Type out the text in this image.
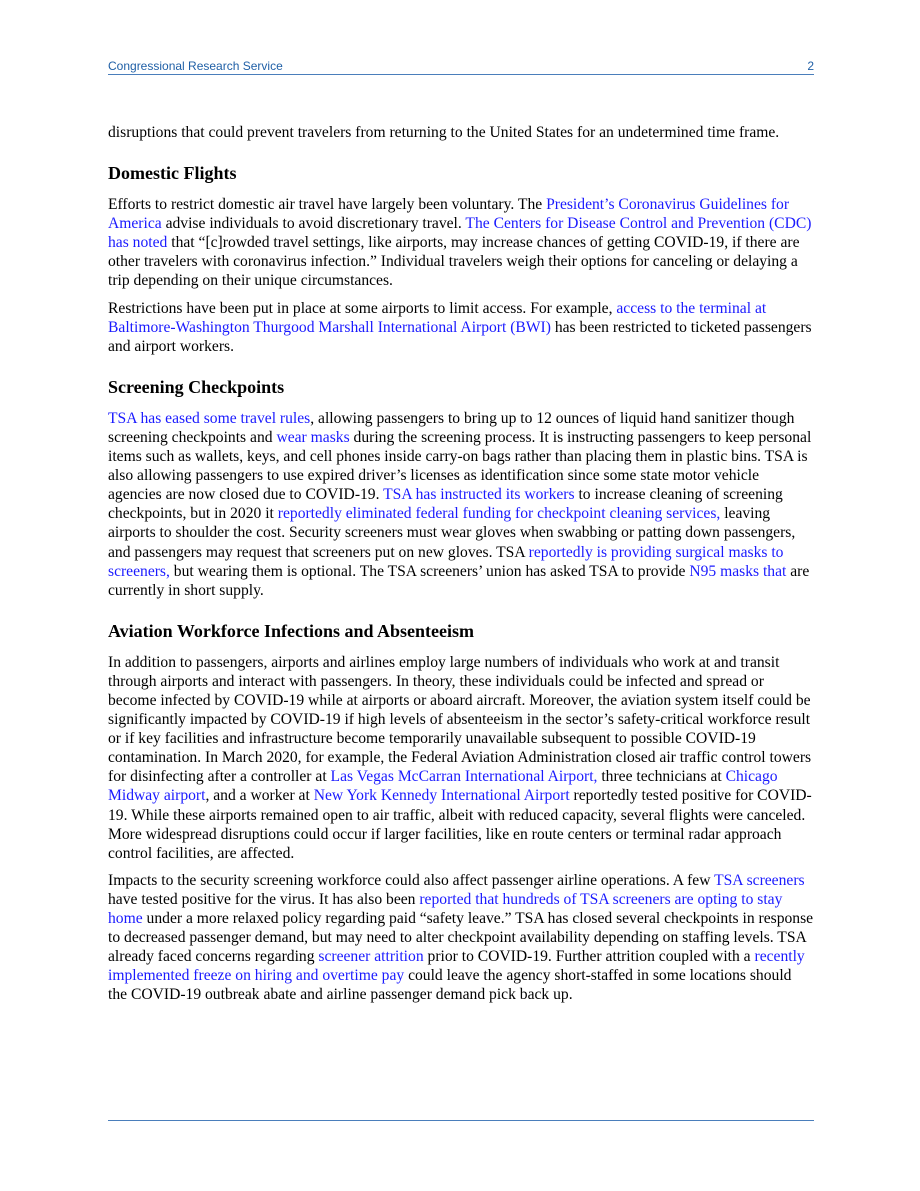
Congressional Research Service	2

disruptions that could prevent travelers from returning to the United States for an undetermined time frame.

Domestic Flights

Efforts to restrict domestic air travel have largely been voluntary. The President’s Coronavirus Guidelines for America advise individuals to avoid discretionary travel. The Centers for Disease Control and Prevention (CDC) has noted that “[c]rowded travel settings, like airports, may increase chances of getting COVID-19, if there are other travelers with coronavirus infection.” Individual travelers weigh their options for canceling or delaying a trip depending on their unique circumstances.

Restrictions have been put in place at some airports to limit access. For example, access to the terminal at Baltimore-Washington Thurgood Marshall International Airport (BWI) has been restricted to ticketed passengers and airport workers.

Screening Checkpoints

TSA has eased some travel rules, allowing passengers to bring up to 12 ounces of liquid hand sanitizer though screening checkpoints and wear masks during the screening process. It is instructing passengers to keep personal items such as wallets, keys, and cell phones inside carry-on bags rather than placing them in plastic bins. TSA is also allowing passengers to use expired driver’s licenses as identification since some state motor vehicle agencies are now closed due to COVID-19. TSA has instructed its workers to increase cleaning of screening checkpoints, but in 2020 it reportedly eliminated federal funding for checkpoint cleaning services, leaving airports to shoulder the cost. Security screeners must wear gloves when swabbing or patting down passengers, and passengers may request that screeners put on new gloves. TSA reportedly is providing surgical masks to screeners, but wearing them is optional. The TSA screeners’ union has asked TSA to provide N95 masks that are currently in short supply.

Aviation Workforce Infections and Absenteeism

In addition to passengers, airports and airlines employ large numbers of individuals who work at and transit through airports and interact with passengers. In theory, these individuals could be infected and spread or become infected by COVID-19 while at airports or aboard aircraft. Moreover, the aviation system itself could be significantly impacted by COVID-19 if high levels of absenteeism in the sector’s safety-critical workforce result or if key facilities and infrastructure become temporarily unavailable subsequent to possible COVID-19 contamination. In March 2020, for example, the Federal Aviation Administration closed air traffic control towers for disinfecting after a controller at Las Vegas McCarran International Airport, three technicians at Chicago Midway airport, and a worker at New York Kennedy International Airport reportedly tested positive for COVID-19. While these airports remained open to air traffic, albeit with reduced capacity, several flights were canceled. More widespread disruptions could occur if larger facilities, like en route centers or terminal radar approach control facilities, are affected.

Impacts to the security screening workforce could also affect passenger airline operations. A few TSA screeners have tested positive for the virus. It has also been reported that hundreds of TSA screeners are opting to stay home under a more relaxed policy regarding paid “safety leave.” TSA has closed several checkpoints in response to decreased passenger demand, but may need to alter checkpoint availability depending on staffing levels. TSA already faced concerns regarding screener attrition prior to COVID-19. Further attrition coupled with a recently implemented freeze on hiring and overtime pay could leave the agency short-staffed in some locations should the COVID-19 outbreak abate and airline passenger demand pick back up.
